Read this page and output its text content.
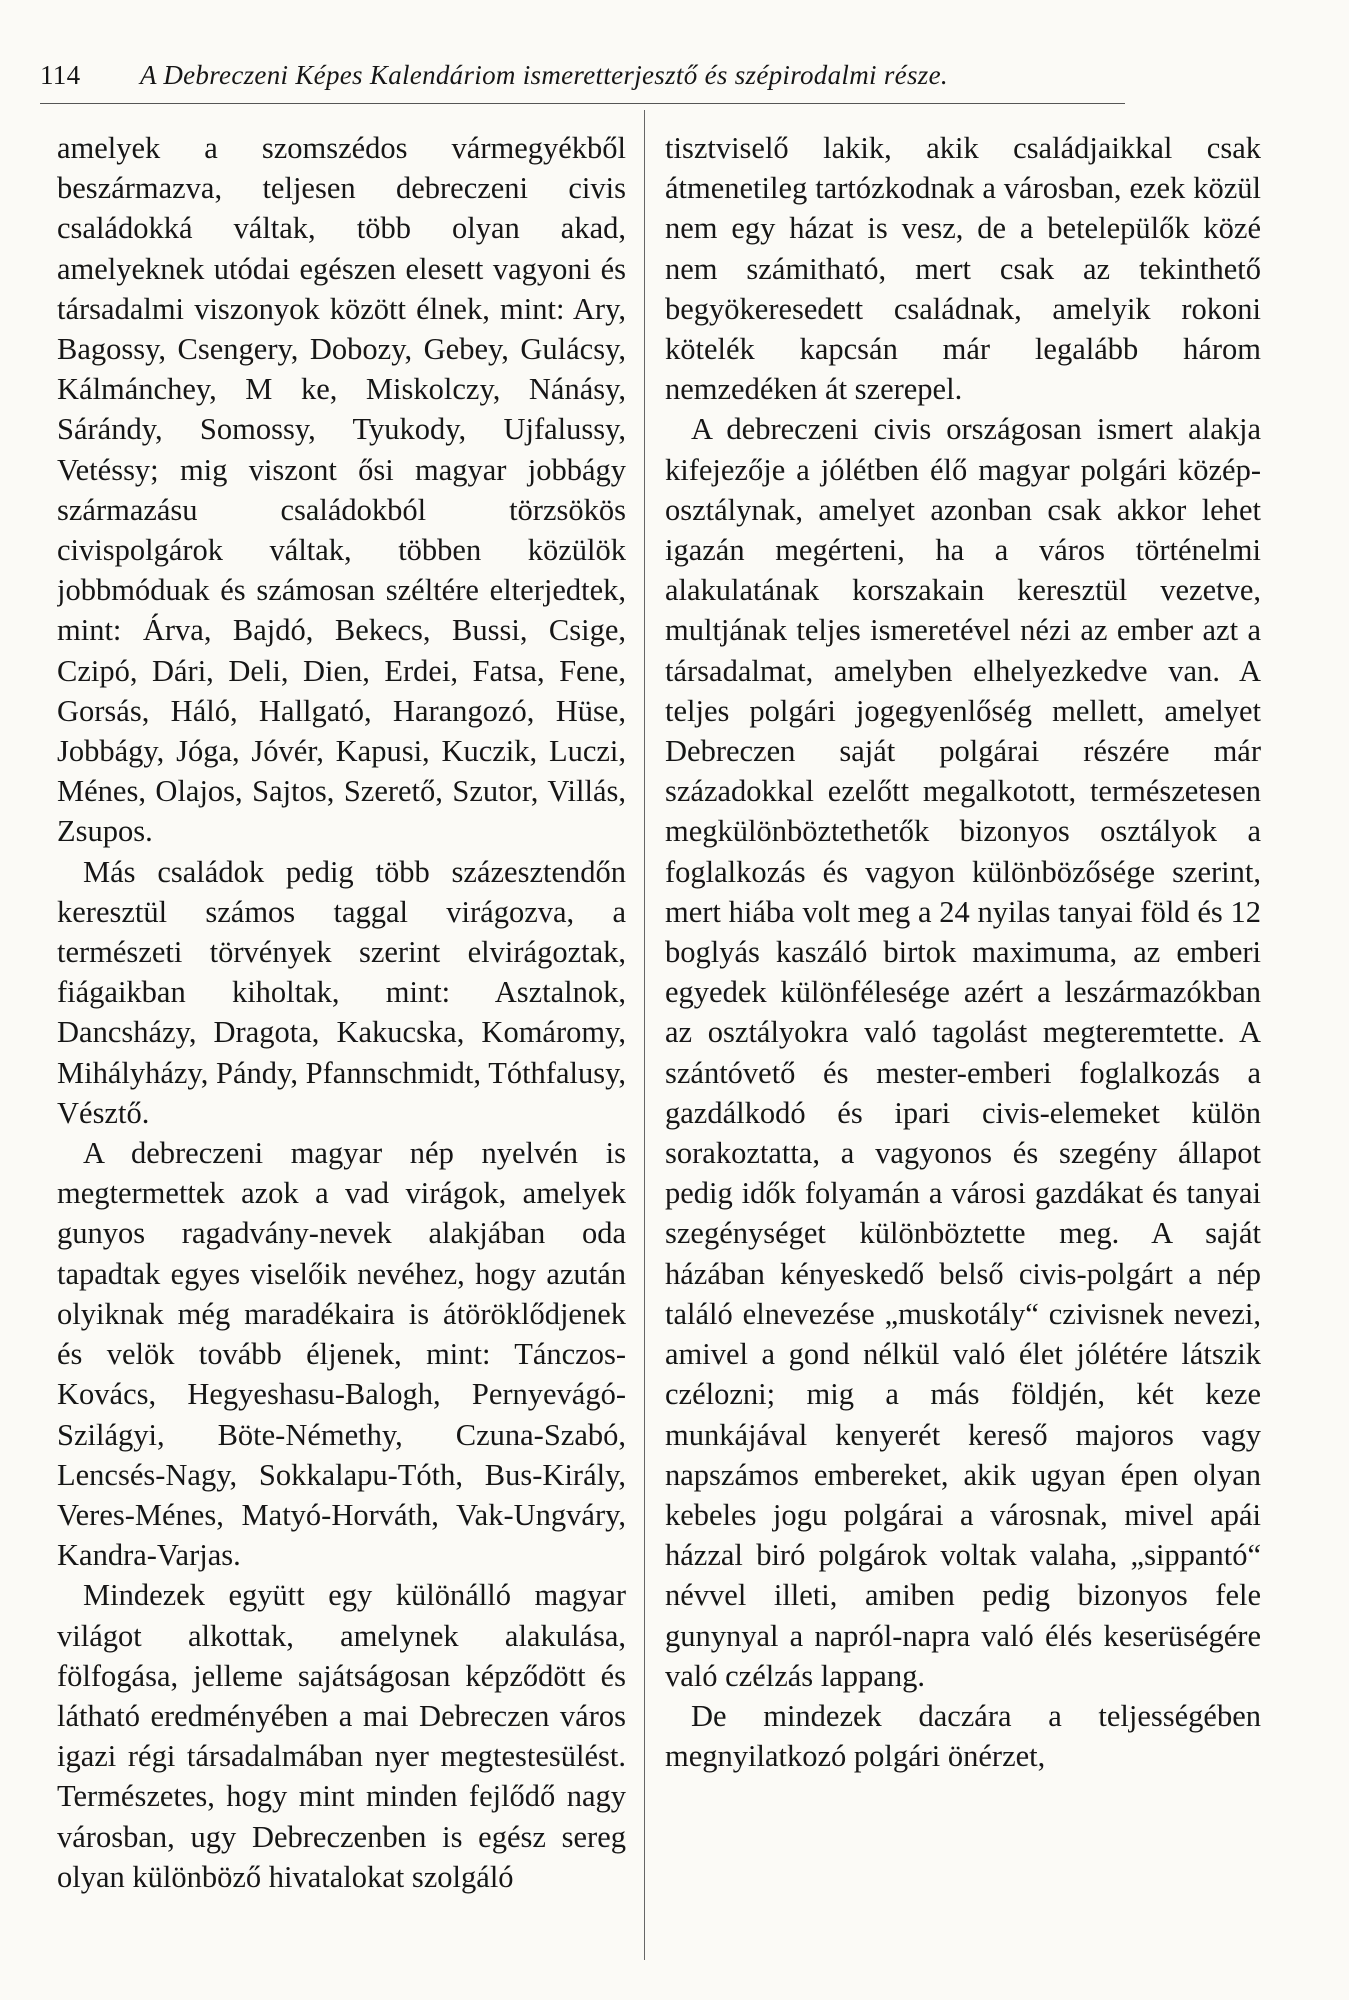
114	A Debreczeni Képes Kalendáriom ismeretterjesztő és szépirodalmi része.

amelyek a szomszédos vármegyékből beszármazva, teljesen debreczeni civis családokká váltak, több olyan akad, amelyeknek utódai egészen elesett vagyoni és társadalmi viszonyok között élnek, mint: Ary, Bagossy, Csengery, Dobozy, Gebey, Gulácsy, Kálmánchey, M ke, Miskolczy, Nánásy, Sárándy, Somossy, Tyukody, Ujfalussy, Vetéssy; mig viszont ősi magyar jobbágy származásu családokból törzsökös civispolgárok váltak, többen közülök jobbmóduak és számosan széltére elterjedtek, mint: Árva, Bajdó, Bekecs, Bussi, Csige, Czipó, Dári, Deli, Dien, Erdei, Fatsa, Fene, Gorsás, Háló, Hallgató, Harangozó, Hüse, Jobbágy, Jóga, Jóvér, Kapusi, Kuczik, Luczi, Ménes, Olajos, Sajtos, Szerető, Szutor, Villás, Zsupos.

Más családok pedig több százesztendőn keresztül számos taggal virágozva, a természeti törvények szerint elvirágoztak, fiágaikban kiholtak, mint: Asztalnok, Dancsházy, Dragota, Kakucska, Komáromy, Mihályházy, Pándy, Pfannschmidt, Tóthfalusy, Vésztő.

A debreczeni magyar nép nyelvén is megtermettek azok a vad virágok, amelyek gunyos ragadvány-nevek alakjában oda tapadtak egyes viselőik nevéhez, hogy azután olyiknak még maradékaira is átöröklődjenek és velök tovább éljenek, mint: Tánczos-Kovács, Hegyeshasu-Balogh, Pernyevágó-Szilágyi, Böte-Némethy, Czuna-Szabó, Lencsés-Nagy, Sokkalapu-Tóth, Bus-Király, Veres-Ménes, Matyó-Horváth, Vak-Ungváry, Kandra-Varjas.

Mindezek együtt egy különálló magyar világot alkottak, amelynek alakulása, fölfogása, jelleme sajátságosan képződött és látható eredményében a mai Debreczen város igazi régi társadalmában nyer megtestesülést. Természetes, hogy mint minden fejlődő nagy városban, ugy Debreczenben is egész sereg olyan különböző hivatalokat szolgáló

tisztviselő lakik, akik családjaikkal csak átmenetileg tartózkodnak a városban, ezek közül nem egy házat is vesz, de a betelepülők közé nem számitható, mert csak az tekinthető begyökeresedett családnak, amelyik rokoni kötelék kapcsán már legalább három nemzedéken át szerepel.

A debreczeni civis országosan ismert alakja kifejezője a jólétben élő magyar polgári közép-osztálynak, amelyet azonban csak akkor lehet igazán megérteni, ha a város történelmi alakulatának korszakain keresztül vezetve, multjának teljes ismeretével nézi az ember azt a társadalmat, amelyben elhelyezkedve van. A teljes polgári jogegyenlőség mellett, amelyet Debreczen saját polgárai részére már századokkal ezelőtt megalkotott, természetesen megkülönböztethetők bizonyos osztályok a foglalkozás és vagyon különbözősége szerint, mert hiába volt meg a 24 nyilas tanyai föld és 12 boglyás kaszáló birtok maximuma, az emberi egyedek különfélesége azért a leszármazókban az osztályokra való tagolást megteremtette. A szántóvető és mester-emberi foglalkozás a gazdálkodó és ipari civis-elemeket külön sorakoztatta, a vagyonos és szegény állapot pedig idők folyamán a városi gazdákat és tanyai szegénységet különböztette meg. A saját házában kényeskedő belső civis-polgárt a nép találó elnevezése „muskotály“ czivisnek nevezi, amivel a gond nélkül való élet jólétére látszik czélozni; mig a más földjén, két keze munkájával kenyerét kereső majoros vagy napszámos embereket, akik ugyan épen olyan kebeles jogu polgárai a városnak, mivel apái házzal biró polgárok voltak valaha, „sippantó“ névvel illeti, amiben pedig bizonyos fele gunynyal a napról-napra való élés keserüségére való czélzás lappang.

De mindezek daczára a teljességében megnyilatkozó polgári önérzet,
